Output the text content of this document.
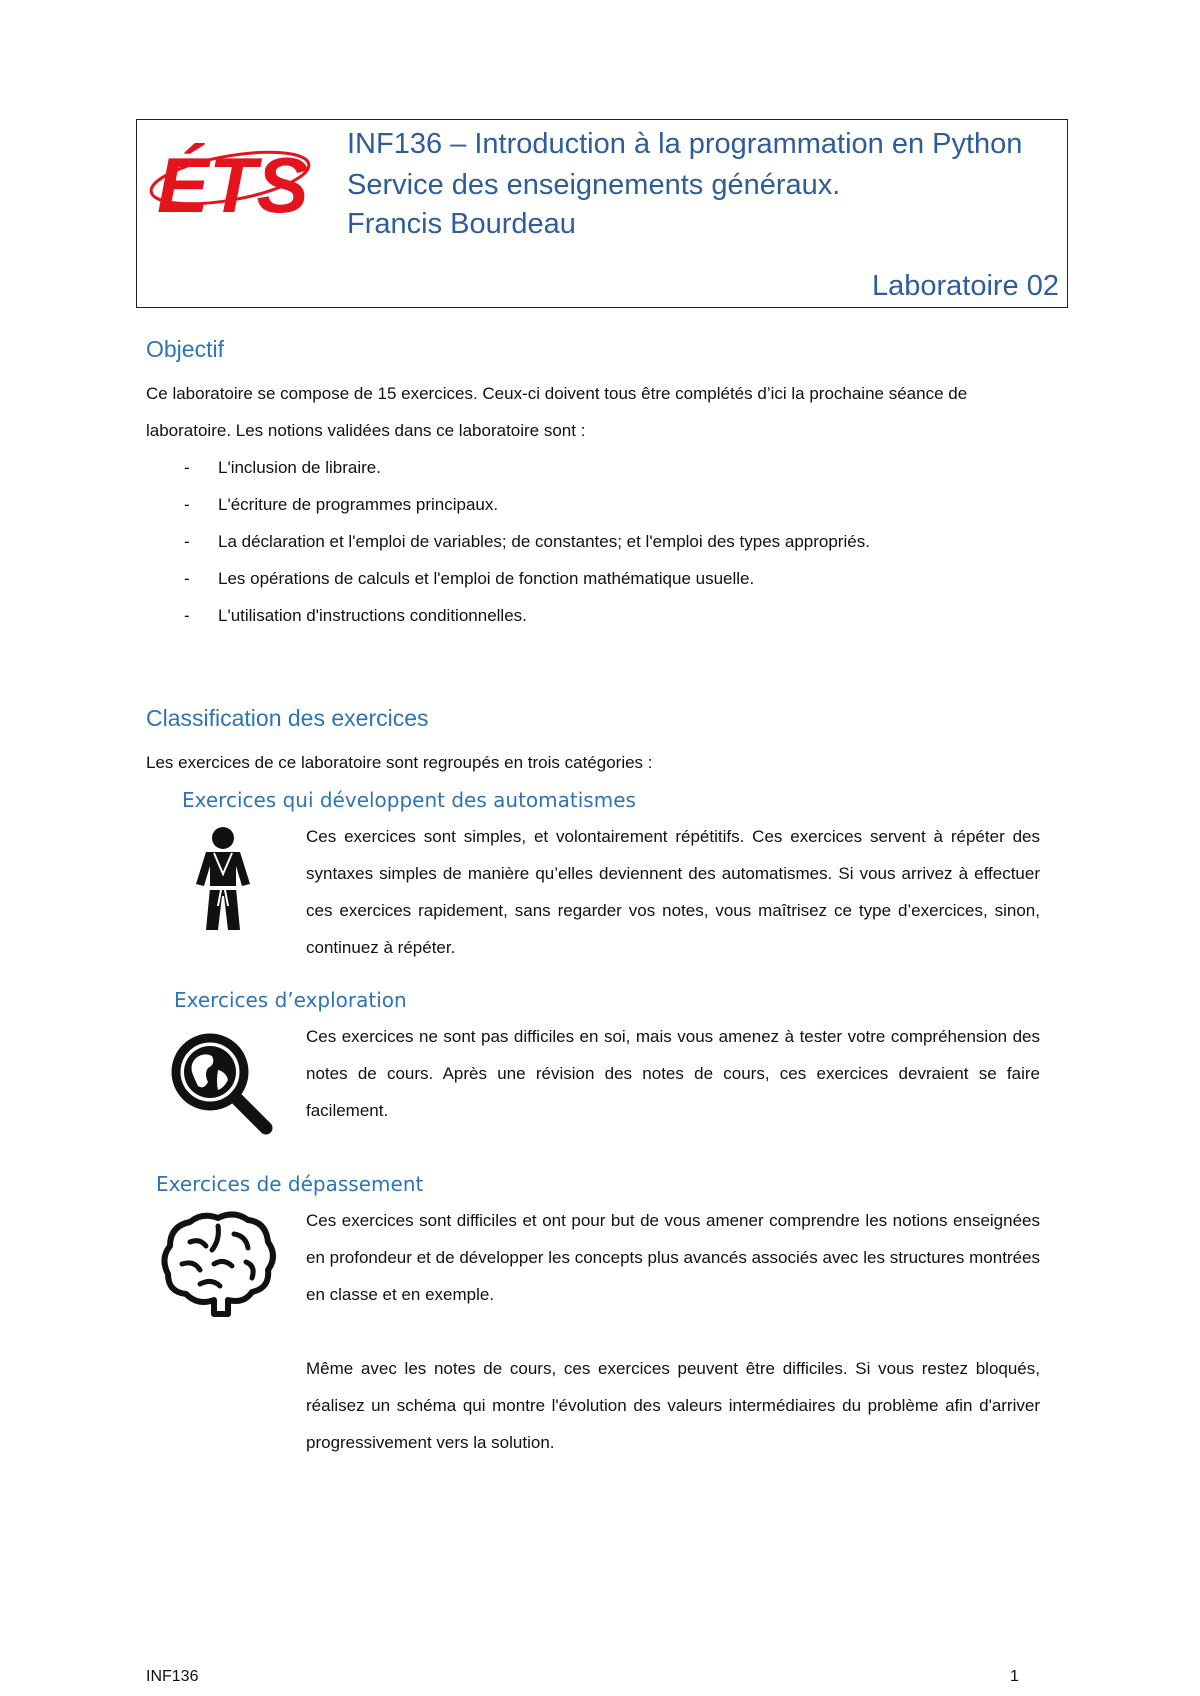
ÉTS INF136 – Introduction à la programmation en Python
Service des enseignements généraux.
Francis Bourdeau
Laboratoire 02
Objectif
Ce laboratoire se compose de 15 exercices. Ceux-ci doivent tous être complétés d’ici la prochaine séance de
laboratoire. Les notions validées dans ce laboratoire sont :
- L'inclusion de libraire.
- L'écriture de programmes principaux.
- La déclaration et l'emploi de variables; de constantes; et l'emploi des types appropriés.
- Les opérations de calculs et l'emploi de fonction mathématique usuelle.
- L'utilisation d'instructions conditionnelles.
Classification des exercices
Les exercices de ce laboratoire sont regroupés en trois catégories :
Exercices qui développent des automatismes
Ces exercices sont simples, et volontairement répétitifs. Ces exercices servent à répéter des syntaxes simples de manière qu’elles deviennent des automatismes. Si vous arrivez à effectuer ces exercices rapidement, sans regarder vos notes, vous maîtrisez ce type d’exercices, sinon, continuez à répéter.
Exercices d’exploration
Ces exercices ne sont pas difficiles en soi, mais vous amenez à tester votre compréhension des notes de cours. Après une révision des notes de cours, ces exercices devraient se faire facilement.
Exercices de dépassement
Ces exercices sont difficiles et ont pour but de vous amener comprendre les notions enseignées en profondeur et de développer les concepts plus avancés associés avec les structures montrées en classe et en exemple.
Même avec les notes de cours, ces exercices peuvent être difficiles. Si vous restez bloqués, réalisez un schéma qui montre l'évolution des valeurs intermédiaires du problème afin d'arriver progressivement vers la solution.
INF136	1
